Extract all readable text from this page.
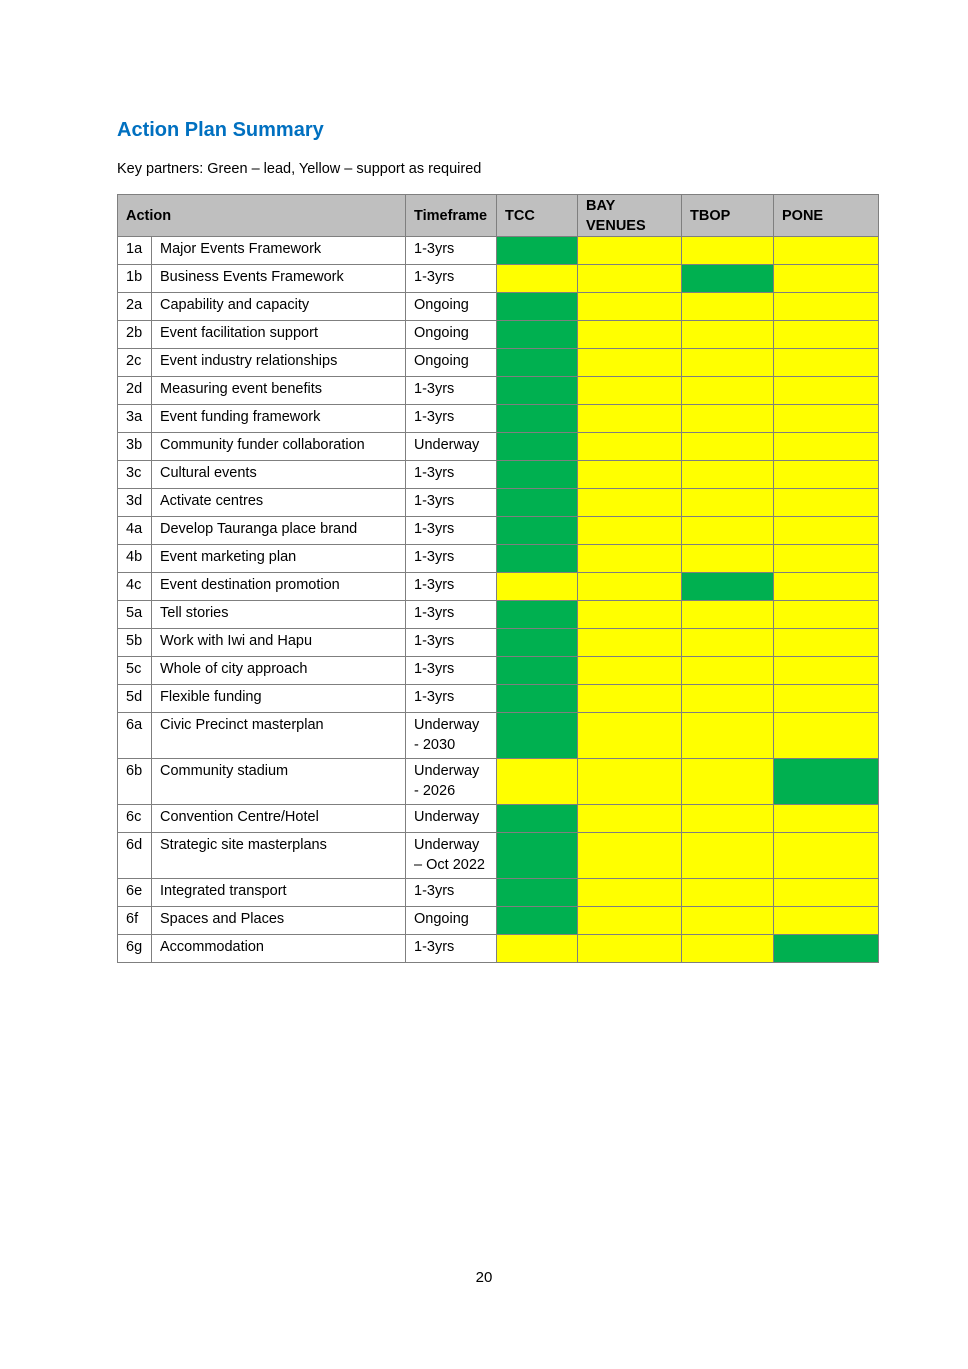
Action Plan Summary
Key partners: Green – lead, Yellow – support as required
Action		Timeframe	TCC	BAY VENUES	TBOP	PONE
1a	Major Events Framework	1-3yrs				
1b	Business Events Framework	1-3yrs				
2a	Capability and capacity	Ongoing				
2b	Event facilitation support	Ongoing				
2c	Event industry relationships	Ongoing				
2d	Measuring event benefits	1-3yrs				
3a	Event funding framework	1-3yrs				
3b	Community funder collaboration	Underway				
3c	Cultural events	1-3yrs				
3d	Activate centres	1-3yrs				
4a	Develop Tauranga place brand	1-3yrs				
4b	Event marketing plan	1-3yrs				
4c	Event destination promotion	1-3yrs				
5a	Tell stories	1-3yrs				
5b	Work with Iwi and Hapu	1-3yrs				
5c	Whole of city approach	1-3yrs				
5d	Flexible funding	1-3yrs				
6a	Civic Precinct masterplan	Underway - 2030				
6b	Community stadium	Underway - 2026				
6c	Convention Centre/Hotel	Underway				
6d	Strategic site masterplans	Underway – Oct 2022				
6e	Integrated transport	1-3yrs				
6f	Spaces and Places	Ongoing				
6g	Accommodation	1-3yrs				
20
